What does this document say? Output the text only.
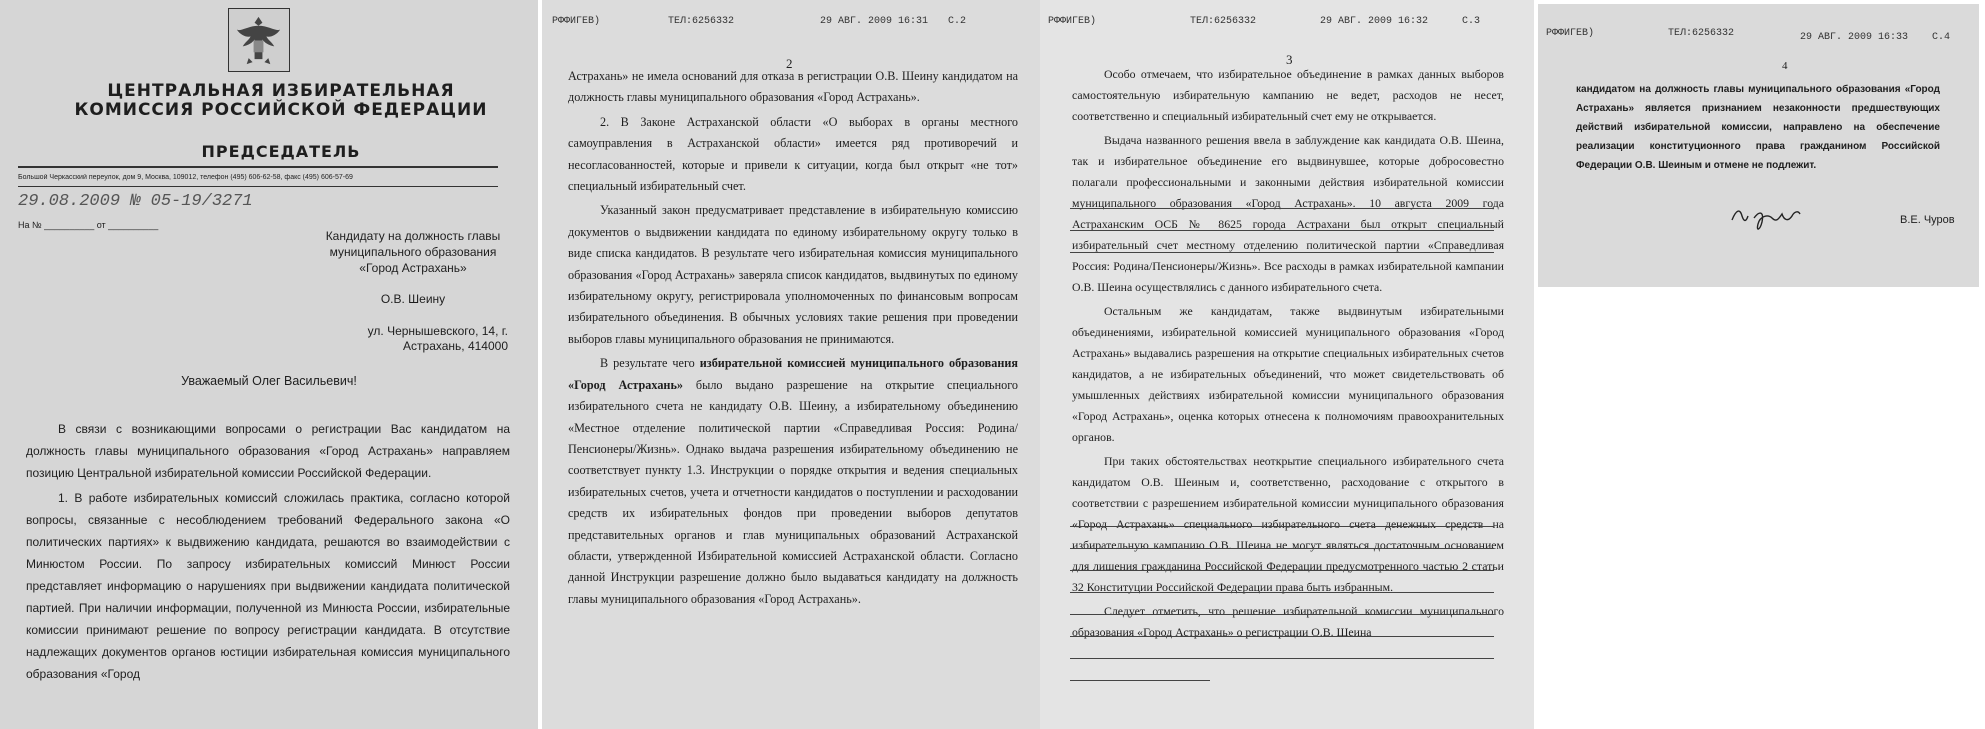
ЦЕНТРАЛЬНАЯ ИЗБИРАТЕЛЬНАЯ КОМИССИЯ РОССИЙСКОЙ ФЕДЕРАЦИИ
ПРЕДСЕДАТЕЛЬ
Большой Черкасский переулок, дом 9, Москва, 109012, телефон (495) 606-62-58, факс (495) 606-57-69
29.08.2009 № 05-19/3271
На № __________ от __________
Кандидату на должность главы муниципального образования «Город Астрахань»
О.В. Шеину
ул. Чернышевского, 14, г. Астрахань, 414000
Уважаемый Олег Васильевич!

В связи с возникающими вопросами о регистрации Вас кандидатом на должность главы муниципального образования «Город Астрахань» направляем позицию Центральной избирательной комиссии Российской Федерации.

1. В работе избирательных комиссий сложилась практика, согласно которой вопросы, связанные с несоблюдением требований Федерального закона «О политических партиях» к выдвижению кандидата, решаются во взаимодействии с Минюстом России. По запросу избирательных комиссий Минюст России представляет информацию о нарушениях при выдвижении кандидата политической партией. При наличии информации, полученной из Минюста России, избирательные комиссии принимают решение по вопросу регистрации кандидата. В отсутствие надлежащих документов органов юстиции избирательная комиссия муниципального образования «Город

РФФИГЕВ)	ТЕЛ:6256332	29 АВГ. 2009 16:31 С.2
2

Астрахань» не имела оснований для отказа в регистрации О.В. Шеину кандидатом на должность главы муниципального образования «Город Астрахань».

2. В Законе Астраханской области «О выборах в органы местного самоуправления в Астраханской области» имеется ряд противоречий и несогласованностей, которые и привели к ситуации, когда был открыт «не тот» специальный избирательный счет.

Указанный закон предусматривает представление в избирательную комиссию документов о выдвижении кандидата по единому избирательному округу только в виде списка кандидатов. В результате чего избирательная комиссия муниципального образования «Город Астрахань» заверяла список кандидатов, выдвинутых по единому избирательному округу, регистрировала уполномоченных по финансовым вопросам избирательного объединения. В обычных условиях такие решения при проведении выборов главы муниципального образования не принимаются.

В результате чего избирательной комиссией муниципального образования «Город Астрахань» было выдано разрешение на открытие специального избирательного счета не кандидату О.В. Шеину, а избирательному объединению «Местное отделение политической партии «Справедливая Россия: Родина/Пенсионеры/Жизнь». Однако выдача разрешения избирательному объединению не соответствует пункту 1.3. Инструкции о порядке открытия и ведения специальных избирательных счетов, учета и отчетности кандидатов о поступлении и расходовании средств их избирательных фондов при проведении выборов депутатов представительных органов и глав муниципальных образований Астраханской области, утвержденной Избирательной комиссией Астраханской области. Согласно данной Инструкции разрешение должно было выдаваться кандидату на должность главы муниципального образования «Город Астрахань».

РФФИГЕВ)	ТЕЛ:6256332	29 АВГ. 2009 16:32	С.3
3

Особо отмечаем, что избирательное объединение в рамках данных выборов самостоятельную избирательную кампанию не ведет, расходов не несет, соответственно и специальный избирательный счет ему не открывается.

Выдача названного решения ввела в заблуждение как кандидата О.В. Шеина, так и избирательное объединение его выдвинувшее, которые добросовестно полагали профессиональными и законными действия избирательной комиссии муниципального образования «Город Астрахань». 10 августа 2009 года Астраханским ОСБ № 8625 города Астрахани был открыт специальный избирательный счет местному отделению политической партии «Справедливая Россия: Родина/Пенсионеры/Жизнь». Все расходы в рамках избирательной кампании О.В. Шеина осуществлялись с данного избирательного счета.

Остальным же кандидатам, также выдвинутым избирательными объединениями, избирательной комиссией муниципального образования «Город Астрахань» выдавались разрешения на открытие специальных избирательных счетов кандидатов, а не избирательных объединений, что может свидетельствовать об умышленных действиях избирательной комиссии муниципального образования «Город Астрахань», оценка которых отнесена к полномочиям правоохранительных органов.

При таких обстоятельствах неоткрытие специального избирательного счета кандидатом О.В. Шеиным и, соответственно, расходование с открытого в соответствии с разрешением избирательной комиссии муниципального образования «Город Астрахань» специального избирательного счета денежных средств на избирательную кампанию О.В. Шеина не могут являться достаточным основанием для лишения гражданина Российской Федерации предусмотренного частью 2 статьи 32 Конституции Российской Федерации права быть избранным.

Следует отметить, что решение избирательной комиссии муниципального образования «Город Астрахань» о регистрации О.В. Шеина

РФФИГЕВ)	ТЕЛ:6256332	29 АВГ. 2009 16:33 С.4
4

кандидатом на должность главы муниципального образования «Город Астрахань» является признанием незаконности предшествующих действий избирательной комиссии, направлено на обеспечение реализации конституционного права гражданином Российской Федерации О.В. Шеиным и отмене не подлежит.

В.Е. Чуров
